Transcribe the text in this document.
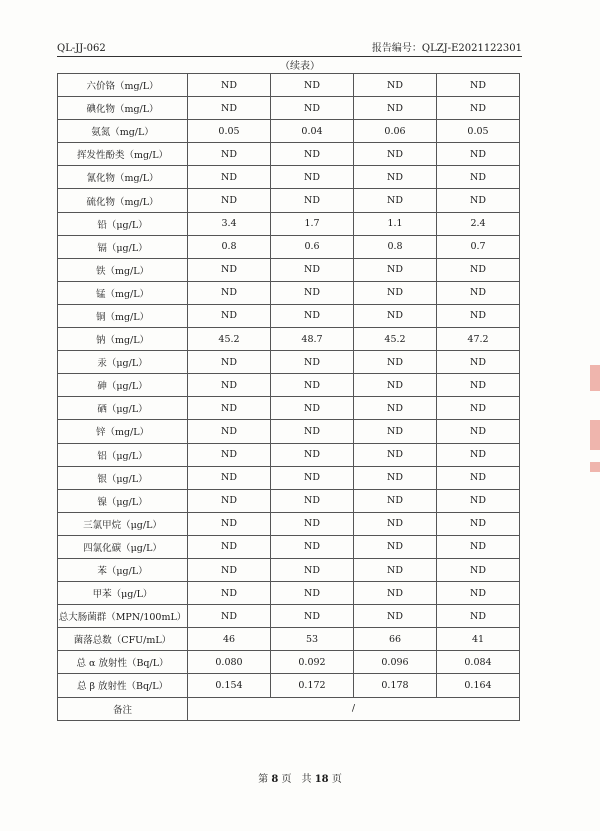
QL-JJ-062	报告编号：QLZJ-E2021122301
（续表）
六价铬（mg/L）	ND	ND	ND	ND
碘化物（mg/L）	ND	ND	ND	ND
氨氮（mg/L）	0.05	0.04	0.06	0.05
挥发性酚类（mg/L）	ND	ND	ND	ND
氰化物（mg/L）	ND	ND	ND	ND
硫化物（mg/L）	ND	ND	ND	ND
铅（μg/L）	3.4	1.7	1.1	2.4
镉（μg/L）	0.8	0.6	0.8	0.7
铁（mg/L）	ND	ND	ND	ND
锰（mg/L）	ND	ND	ND	ND
铜（mg/L）	ND	ND	ND	ND
钠（mg/L）	45.2	48.7	45.2	47.2
汞（μg/L）	ND	ND	ND	ND
砷（μg/L）	ND	ND	ND	ND
硒（μg/L）	ND	ND	ND	ND
锌（mg/L）	ND	ND	ND	ND
铝（μg/L）	ND	ND	ND	ND
银（μg/L）	ND	ND	ND	ND
镍（μg/L）	ND	ND	ND	ND
三氯甲烷（μg/L）	ND	ND	ND	ND
四氯化碳（μg/L）	ND	ND	ND	ND
苯（μg/L）	ND	ND	ND	ND
甲苯（μg/L）	ND	ND	ND	ND
总大肠菌群（MPN/100mL）	ND	ND	ND	ND
菌落总数（CFU/mL）	46	53	66	41
总 α 放射性（Bq/L）	0.080	0.092	0.096	0.084
总 β 放射性（Bq/L）	0.154	0.172	0.178	0.164
备注	/			
第 8 页　共 18 页
